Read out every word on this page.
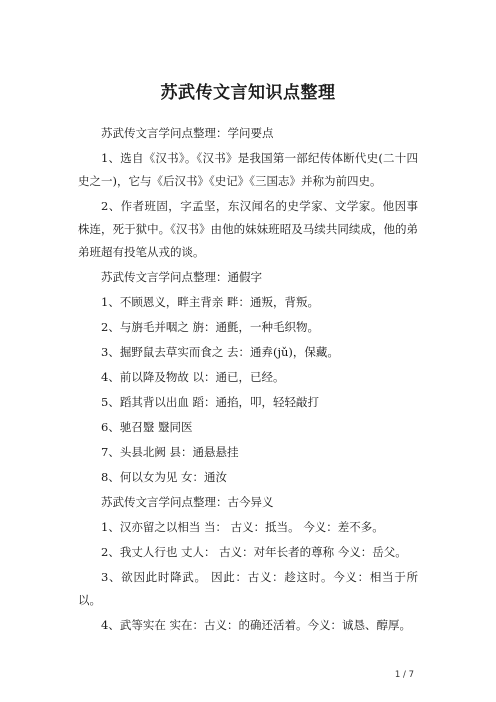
苏武传文言知识点整理

苏武传文言学问点整理：学问要点

1、选自《汉书》。《汉书》是我国第一部纪传体断代史(二十四史之一)，它与《后汉书》《史记》《三国志》并称为前四史。

2、作者班固，字孟坚，东汉闻名的史学家、文学家。他因事株连，死于狱中。《汉书》由他的妹妹班昭及马续共同续成，他的弟弟班超有投笔从戎的谈。

苏武传文言学问点整理：通假字

1、不顾恩义，畔主背亲 畔：通叛，背叛。

2、与旃毛并咽之 旃：通氈，一种毛织物。

3、掘野鼠去草实而食之 去：通弆(jǔ)，保藏。

4、前以降及物故 以：通已，已经。

5、蹈其背以出血 蹈：通掐，叩，轻轻敲打

6、驰召毉 毉同医

7、头县北阙 县：通悬悬挂

8、何以女为见 女：通汝

苏武传文言学问点整理：古今异义

1、汉亦留之以相当 当： 古义：抵当。 今义：差不多。

2、我丈人行也 丈人： 古义：对年长者的尊称 今义：岳父。

3、欲因此时降武。 因此：古义：趁这时。今义：相当于所以。

4、武等实在 实在：古义：的确还活着。今义：诚恳、醇厚。

1 / 7
